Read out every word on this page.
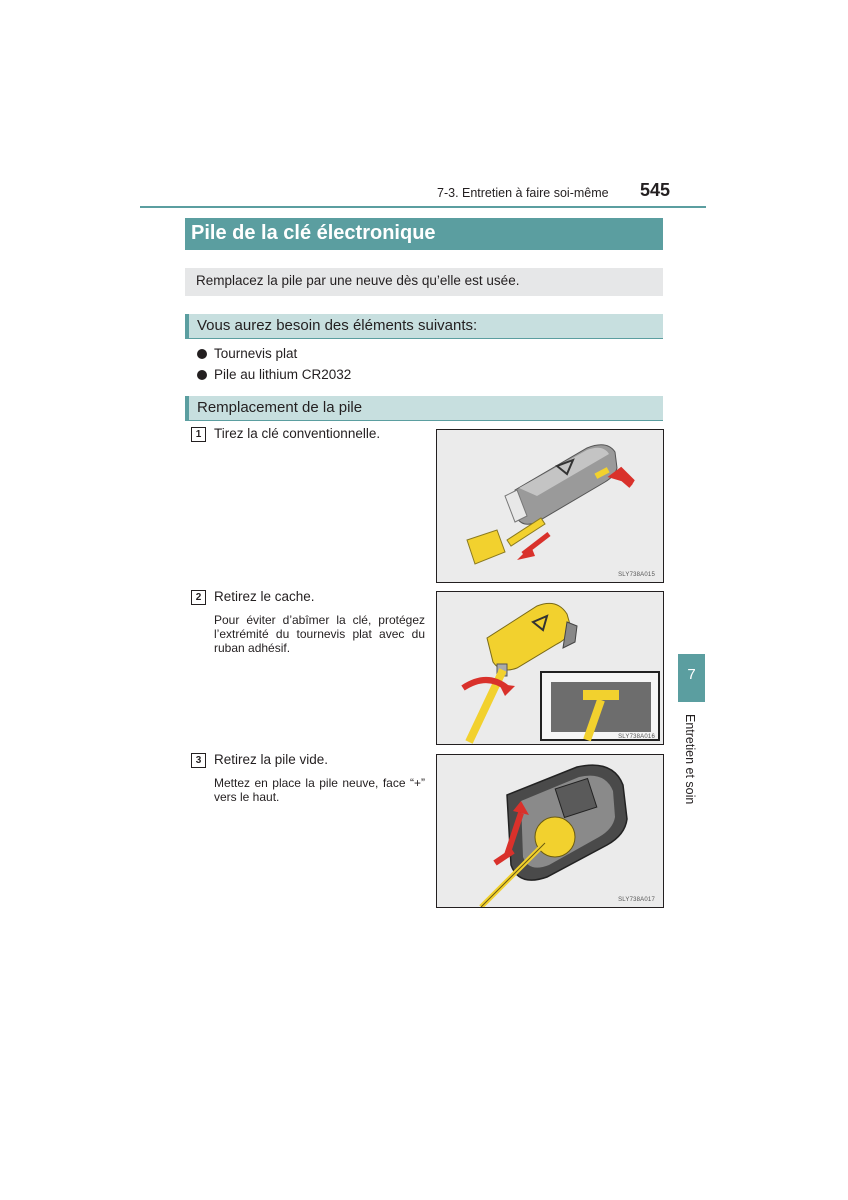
7-3. Entretien à faire soi-même 545
Pile de la clé électronique
Remplacez la pile par une neuve dès qu’elle est usée.
Vous aurez besoin des éléments suivants:
Tournevis plat
Pile au lithium CR2032
Remplacement de la pile
1 Tirez la clé conventionnelle.
SLY738A015
2 Retirez le cache.
Pour éviter d’abîmer la clé, protégez l’extrémité du tournevis plat avec du ruban adhésif.
SLY738A016
3 Retirez la pile vide.
Mettez en place la pile neuve, face “+” vers le haut.
SLY738A017
7
Entretien et soin
